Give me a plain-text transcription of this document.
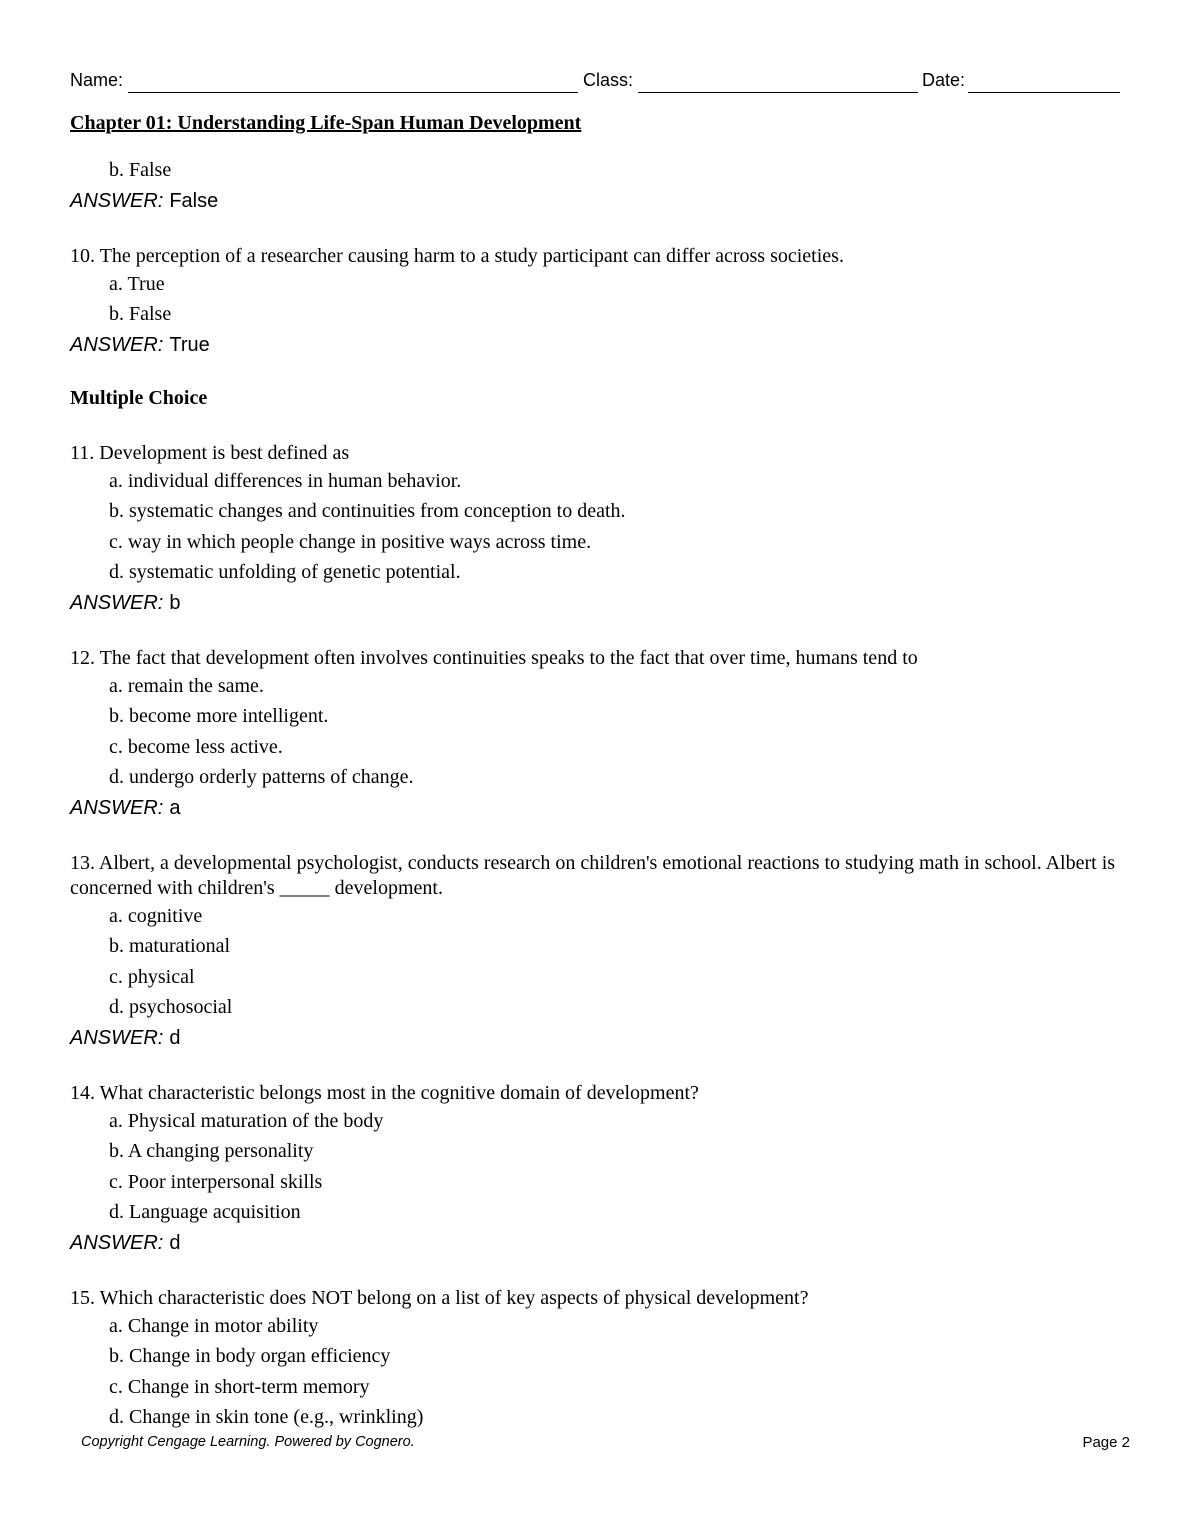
Name:	Class:	Date:
Chapter 01: Understanding Life-Span Human Development
b. False
ANSWER: False
10. The perception of a researcher causing harm to a study participant can differ across societies.
a. True
b. False
ANSWER: True
Multiple Choice
11. Development is best defined as
a. individual differences in human behavior.
b. systematic changes and continuities from conception to death.
c. way in which people change in positive ways across time.
d. systematic unfolding of genetic potential.
ANSWER: b
12. The fact that development often involves continuities speaks to the fact that over time, humans tend to
a. remain the same.
b. become more intelligent.
c. become less active.
d. undergo orderly patterns of change.
ANSWER: a
13. Albert, a developmental psychologist, conducts research on children's emotional reactions to studying math in school. Albert is concerned with children's _____ development.
a. cognitive
b. maturational
c. physical
d. psychosocial
ANSWER: d
14. What characteristic belongs most in the cognitive domain of development?
a. Physical maturation of the body
b. A changing personality
c. Poor interpersonal skills
d. Language acquisition
ANSWER: d
15. Which characteristic does NOT belong on a list of key aspects of physical development?
a. Change in motor ability
b. Change in body organ efficiency
c. Change in short-term memory
d. Change in skin tone (e.g., wrinkling)
Copyright Cengage Learning. Powered by Cognero.	Page 2
